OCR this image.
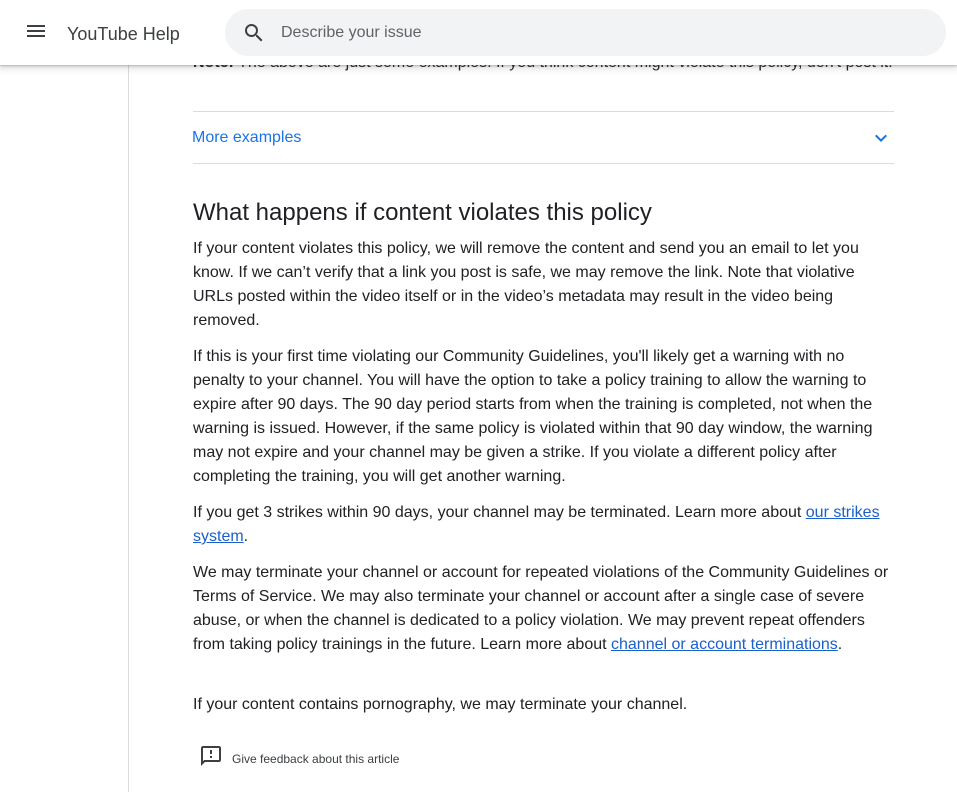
More examples
What happens if content violates this policy

If your content violates this policy, we will remove the content and send you an email to let you know. If we can’t verify that a link you post is safe, we may remove the link. Note that violative URLs posted within the video itself or in the video’s metadata may result in the video being removed.

If this is your first time violating our Community Guidelines, you'll likely get a warning with no penalty to your channel. You will have the option to take a policy training to allow the warning to expire after 90 days. The 90 day period starts from when the training is completed, not when the warning is issued. However, if the same policy is violated within that 90 day window, the warning may not expire and your channel may be given a strike. If you violate a different policy after completing the training, you will get another warning.

If you get 3 strikes within 90 days, your channel may be terminated. Learn more about our strikes system.

We may terminate your channel or account for repeated violations of the Community Guidelines or Terms of Service. We may also terminate your channel or account after a single case of severe abuse, or when the channel is dedicated to a policy violation. We may prevent repeat offenders from taking policy trainings in the future. Learn more about channel or account terminations.

If your content contains pornography, we may terminate your channel.

Give feedback about this article
YouTube Help
Describe your issue
